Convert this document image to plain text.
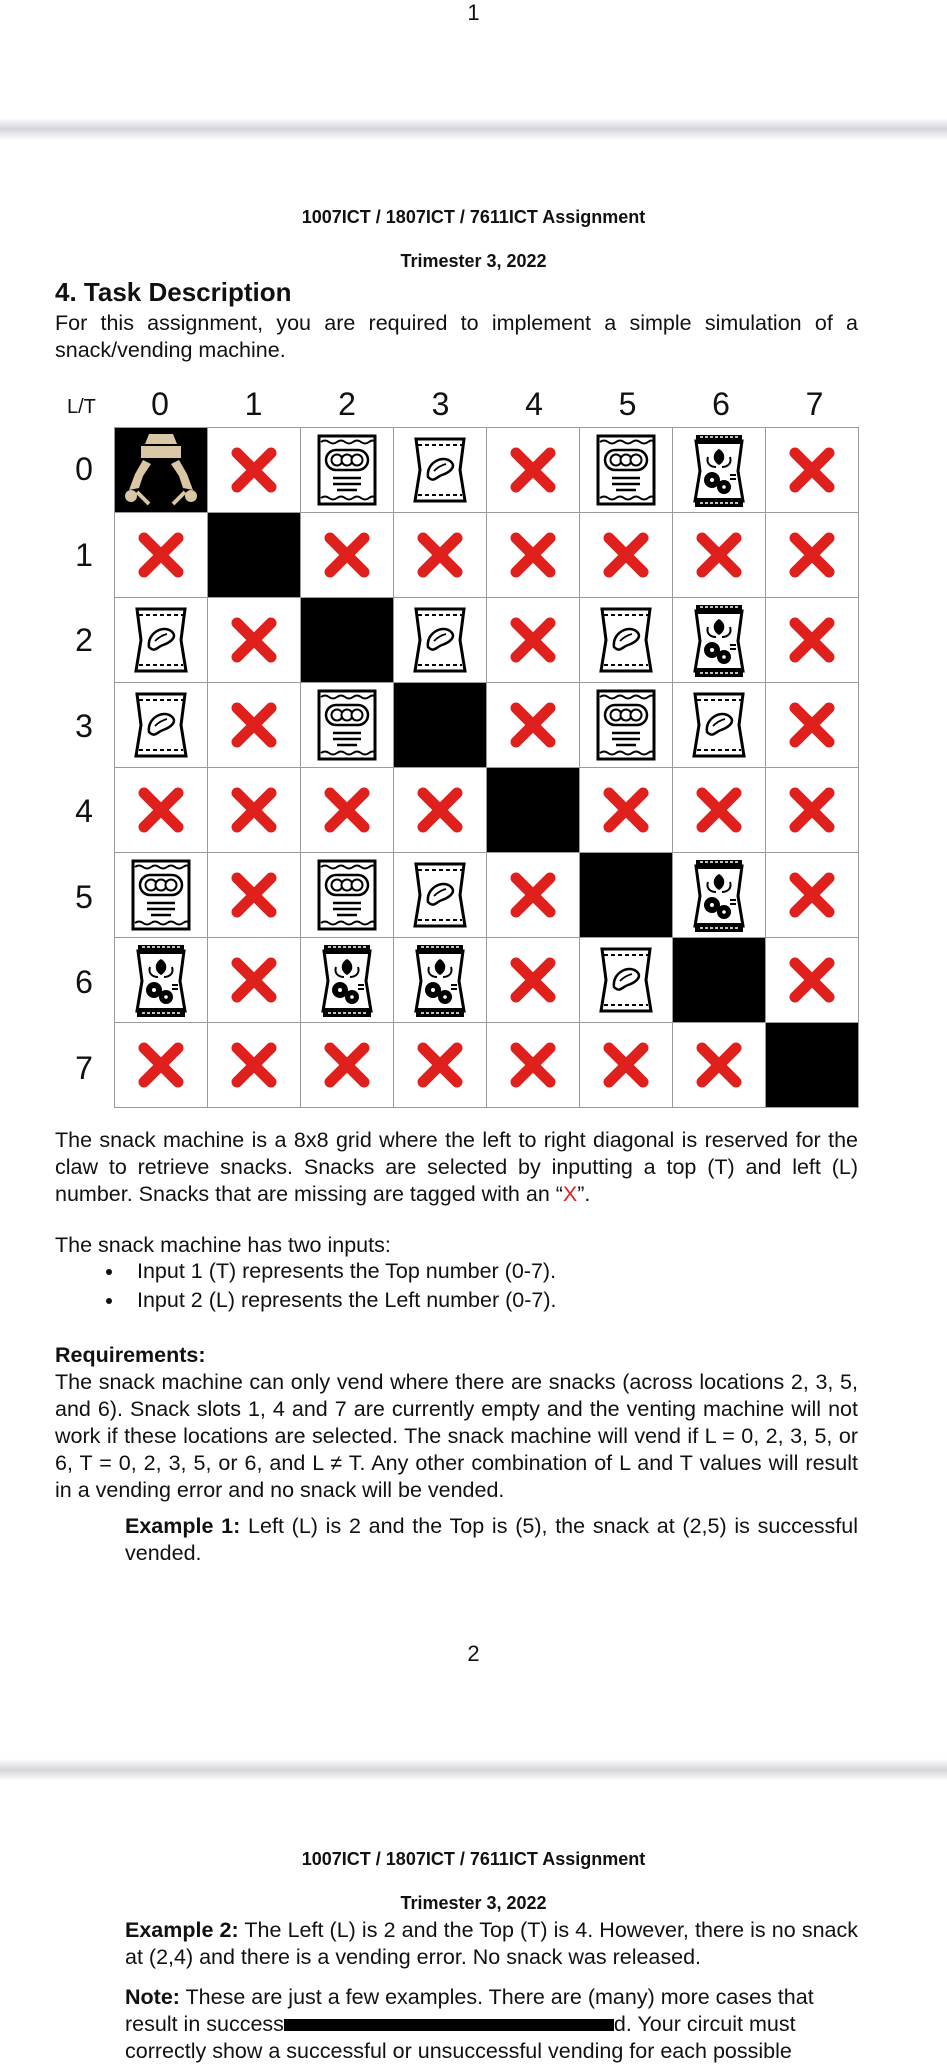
1
1007ICT / 1807ICT / 7611ICT Assignment
Trimester 3, 2022
4. Task Description
For this assignment, you are required to implement a simple simulation of a snack/vending machine.
L/T	0	1	2	3	4	5	6	7
0
1
2
3
4
5
6
7

The snack machine is a 8x8 grid where the left to right diagonal is reserved for the claw to retrieve snacks. Snacks are selected by inputting a top (T) and left (L) number. Snacks that are missing are tagged with an “X”.
The snack machine has two inputs:
• Input 1 (T) represents the Top number (0-7).
• Input 2 (L) represents the Left number (0-7).
Requirements:
The snack machine can only vend where there are snacks (across locations 2, 3, 5, and 6). Snack slots 1, 4 and 7 are currently empty and the venting machine will not work if these locations are selected. The snack machine will vend if L = 0, 2, 3, 5, or 6, T = 0, 2, 3, 5, or 6, and L ≠ T. Any other combination of L and T values will result in a vending error and no snack will be vended.
Example 1: Left (L) is 2 and the Top is (5), the snack at (2,5) is successful vended.
2
1007ICT / 1807ICT / 7611ICT Assignment
Trimester 3, 2022
Example 2: The Left (L) is 2 and the Top (T) is 4. However, there is no snack at (2,4) and there is a vending error. No snack was released.
Note: These are just a few examples. There are (many) more cases that
result in success	d. Your circuit must
correctly show a successful or unsuccessful vending for each possible
